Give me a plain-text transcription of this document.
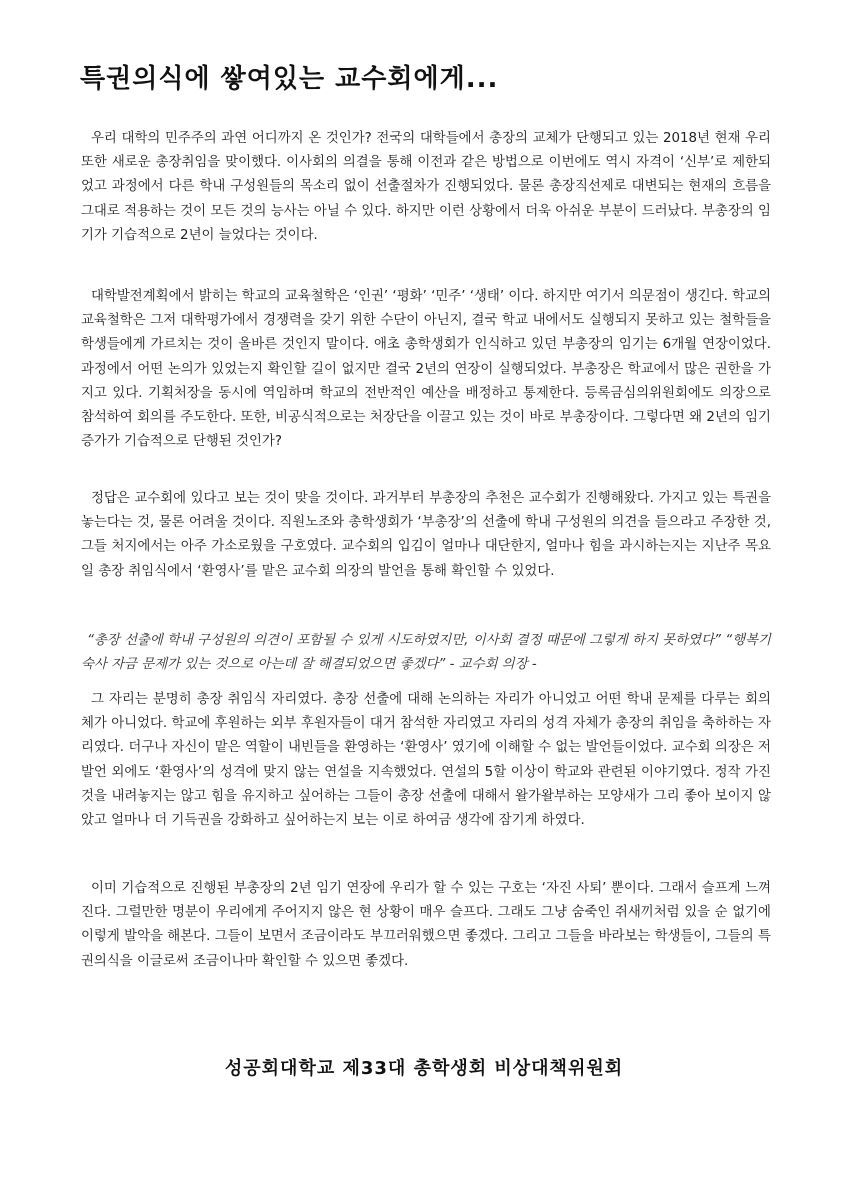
특권의식에 쌓여있는 교수회에게...

우리 대학의 민주주의 과연 어디까지 온 것인가? 전국의 대학들에서 총장의 교체가 단행되고 있는 2018년 현재 우리 또한 새로운 총장취임을 맞이했다. 이사회의 의결을 통해 이전과 같은 방법으로 이번에도 역시 자격이 ‘신부’로 제한되었고 과정에서 다른 학내 구성원들의 목소리 없이 선출절차가 진행되었다. 물론 총장직선제로 대변되는 현재의 흐름을 그대로 적용하는 것이 모든 것의 능사는 아닐 수 있다. 하지만 이런 상황에서 더욱 아쉬운 부분이 드러났다. 부총장의 임기가 기습적으로 2년이 늘었다는 것이다.

대학발전계획에서 밝히는 학교의 교육철학은 ‘인권’ ‘평화’ ‘민주’ ‘생태’ 이다. 하지만 여기서 의문점이 생긴다. 학교의 교육철학은 그저 대학평가에서 경쟁력을 갖기 위한 수단이 아닌지, 결국 학교 내에서도 실행되지 못하고 있는 철학들을 학생들에게 가르치는 것이 올바른 것인지 말이다. 애초 총학생회가 인식하고 있던 부총장의 임기는 6개월 연장이었다. 과정에서 어떤 논의가 있었는지 확인할 길이 없지만 결국 2년의 연장이 실행되었다. 부총장은 학교에서 많은 권한을 가지고 있다. 기획처장을 동시에 역임하며 학교의 전반적인 예산을 배정하고 통제한다. 등록금심의위원회에도 의장으로 참석하여 회의를 주도한다. 또한, 비공식적으로는 처장단을 이끌고 있는 것이 바로 부총장이다. 그렇다면 왜 2년의 임기 증가가 기습적으로 단행된 것인가?

정답은 교수회에 있다고 보는 것이 맞을 것이다. 과거부터 부총장의 추천은 교수회가 진행해왔다. 가지고 있는 특권을 놓는다는 것, 물론 어려울 것이다. 직원노조와 총학생회가 ‘부총장’의 선출에 학내 구성원의 의견을 들으라고 주장한 것, 그들 처지에서는 아주 가소로웠을 구호였다. 교수회의 입김이 얼마나 대단한지, 얼마나 힘을 과시하는지는 지난주 목요일 총장 취임식에서 ‘환영사’를 맡은 교수회 의장의 발언을 통해 확인할 수 있었다.

“총장 선출에 학내 구성원의 의견이 포함될 수 있게 시도하였지만, 이사회 결정 때문에 그렇게 하지 못하였다” “행복기숙사 자금 문제가 있는 것으로 아는데 잘 해결되었으면 좋겠다” - 교수회 의장 -

그 자리는 분명히 총장 취임식 자리였다. 총장 선출에 대해 논의하는 자리가 아니었고 어떤 학내 문제를 다루는 회의체가 아니었다. 학교에 후원하는 외부 후원자들이 대거 참석한 자리였고 자리의 성격 자체가 총장의 취임을 축하하는 자리였다. 더구나 자신이 맡은 역할이 내빈들을 환영하는 ‘환영사’ 였기에 이해할 수 없는 발언들이었다. 교수회 의장은 저 발언 외에도 ‘환영사’의 성격에 맞지 않는 연설을 지속했었다. 연설의 5할 이상이 학교와 관련된 이야기였다. 정작 가진 것을 내려놓지는 않고 힘을 유지하고 싶어하는 그들이 총장 선출에 대해서 왈가왈부하는 모양새가 그리 좋아 보이지 않았고 얼마나 더 기득권을 강화하고 싶어하는지 보는 이로 하여금 생각에 잠기게 하였다.

이미 기습적으로 진행된 부총장의 2년 임기 연장에 우리가 할 수 있는 구호는 ‘자진 사퇴’ 뿐이다. 그래서 슬프게 느껴진다. 그럴만한 명분이 우리에게 주어지지 않은 현 상황이 매우 슬프다. 그래도 그냥 숨죽인 쥐새끼처럼 있을 순 없기에 이렇게 발악을 해본다. 그들이 보면서 조금이라도 부끄러워했으면 좋겠다. 그리고 그들을 바라보는 학생들이, 그들의 특권의식을 이글로써 조금이나마 확인할 수 있으면 좋겠다.

성공회대학교 제33대 총학생회 비상대책위원회
